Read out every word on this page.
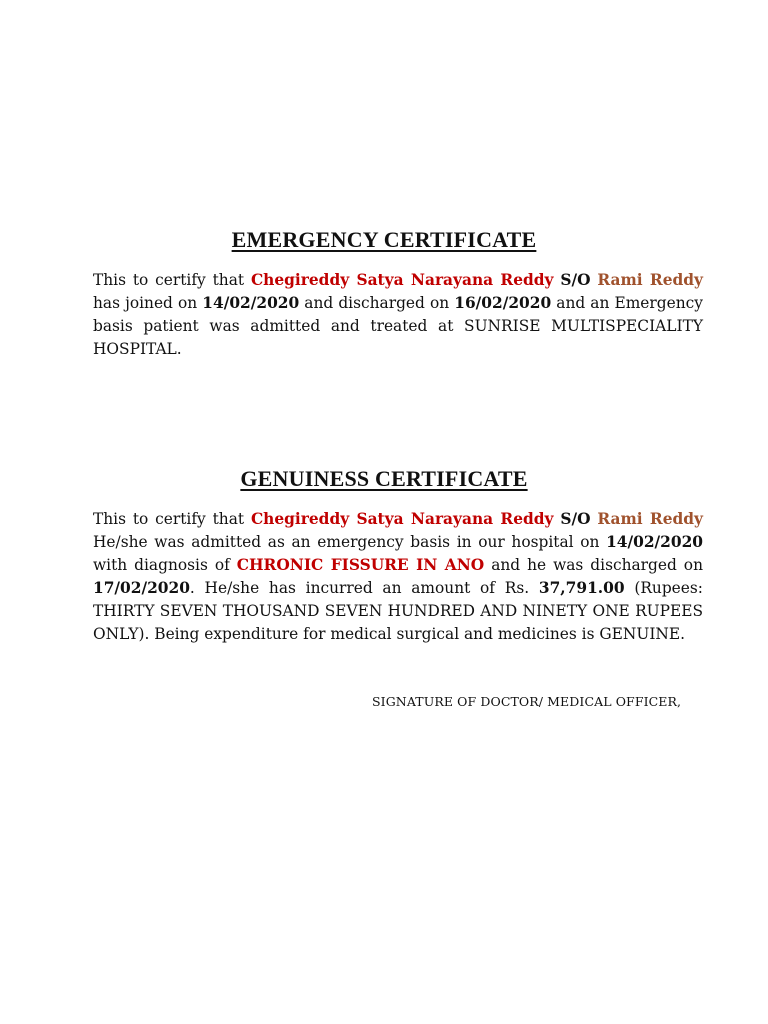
EMERGENCY CERTIFICATE

This to certify that Chegireddy Satya Narayana Reddy S/O Rami Reddy has joined on 14/02/2020 and discharged on 16/02/2020 and an Emergency basis patient was admitted and treated at SUNRISE MULTISPECIALITY HOSPITAL.

GENUINESS CERTIFICATE

This to certify that Chegireddy Satya Narayana Reddy S/O Rami Reddy He/she was admitted as an emergency basis in our hospital on 14/02/2020 with diagnosis of CHRONIC FISSURE IN ANO and he was discharged on 17/02/2020. He/she has incurred an amount of Rs. 37,791.00 (Rupees: THIRTY SEVEN THOUSAND SEVEN HUNDRED AND NINETY ONE RUPEES ONLY). Being expenditure for medical surgical and medicines is GENUINE.

SIGNATURE OF DOCTOR/ MEDICAL OFFICER,
